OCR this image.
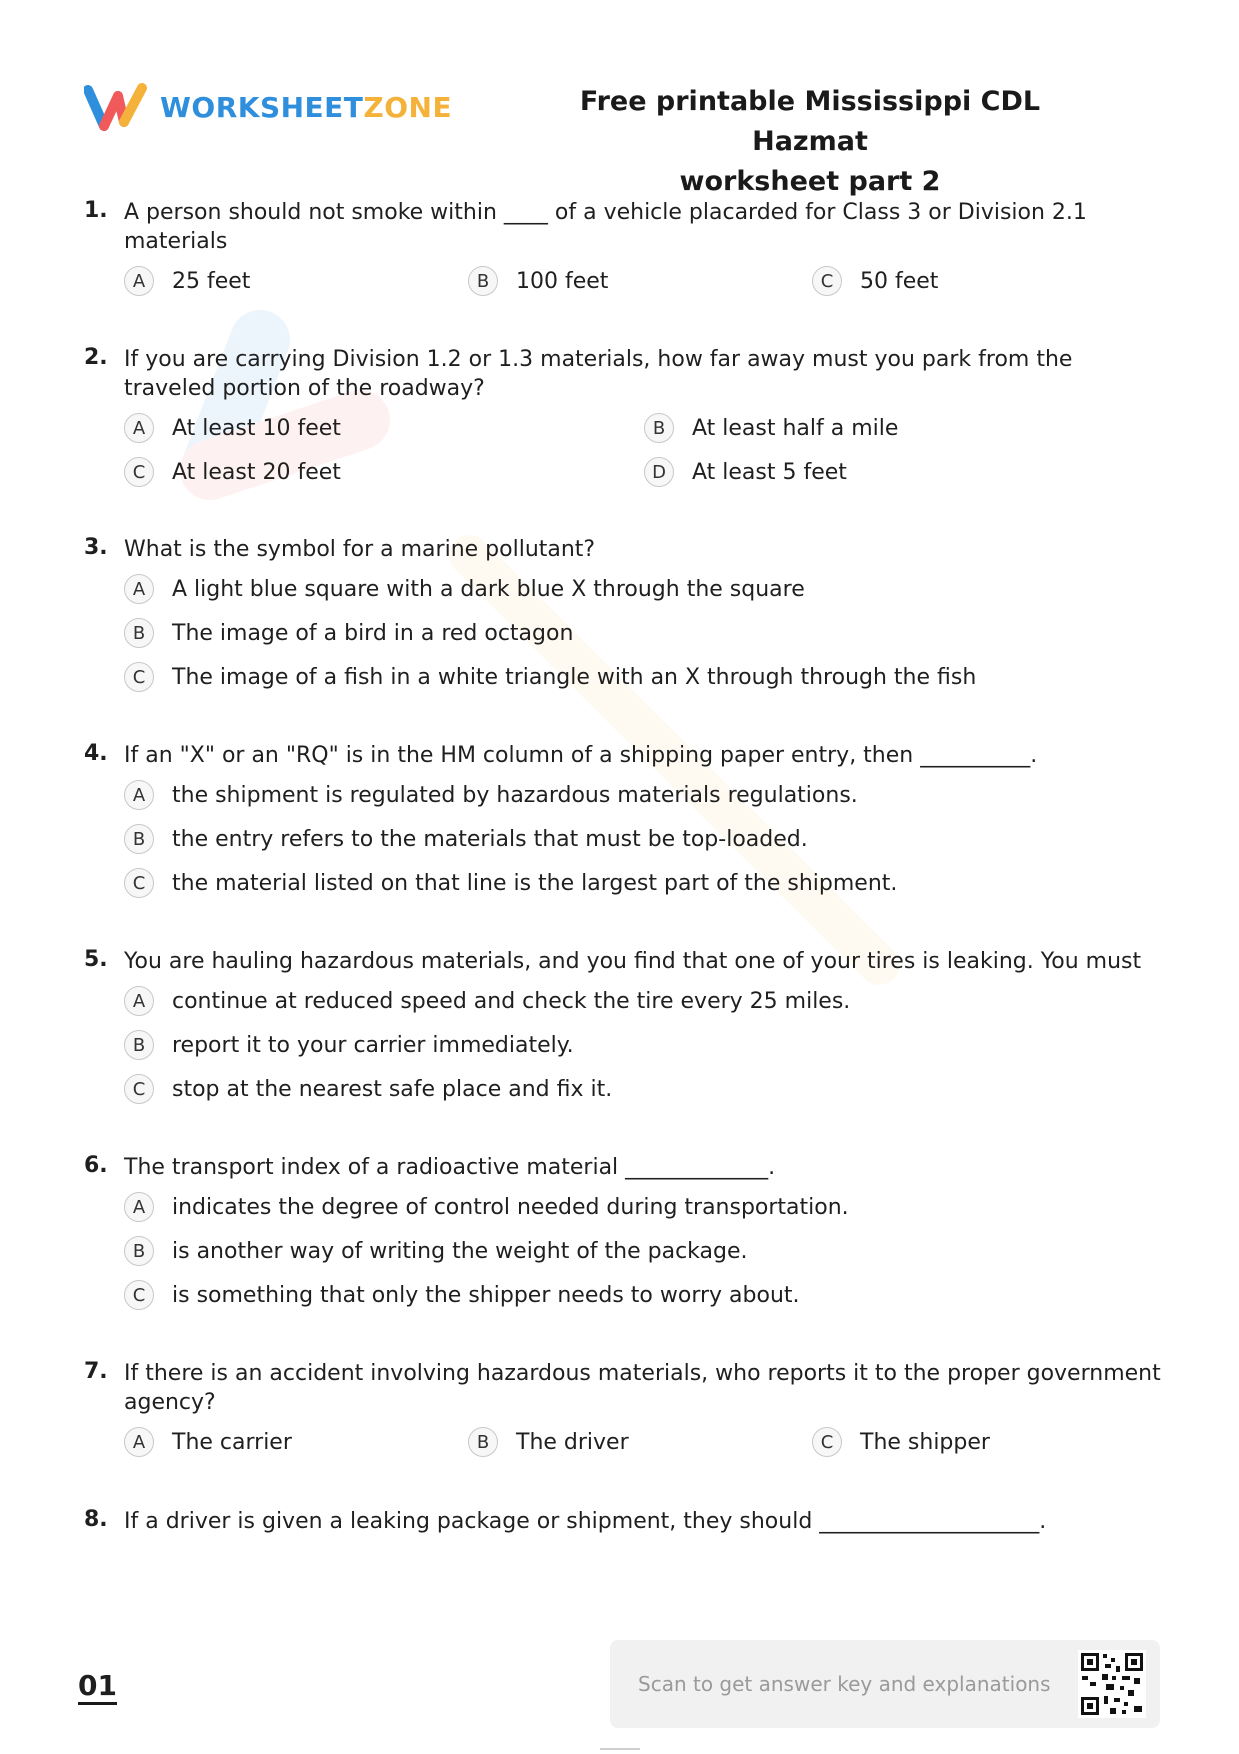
WORKSHEETZONE	Free printable Mississippi CDL Hazmat
worksheet part 2
1. A person should not smoke within ____ of a vehicle placarded for Class 3 or Division 2.1 materials
A	25 feet	B	100 feet	C	50 feet
2. If you are carrying Division 1.2 or 1.3 materials, how far away must you park from the traveled portion of the roadway?
A	At least 10 feet	B	At least half a mile
C	At least 20 feet	D	At least 5 feet
3. What is the symbol for a marine pollutant?
A	A light blue square with a dark blue X through the square
B	The image of a bird in a red octagon
C	The image of a fish in a white triangle with an X through through the fish
4. If an "X" or an "RQ" is in the HM column of a shipping paper entry, then __________.
A	the shipment is regulated by hazardous materials regulations.
B	the entry refers to the materials that must be top-loaded.
C	the material listed on that line is the largest part of the shipment.
5. You are hauling hazardous materials, and you find that one of your tires is leaking. You must
A	continue at reduced speed and check the tire every 25 miles.
B	report it to your carrier immediately.
C	stop at the nearest safe place and fix it.
6. The transport index of a radioactive material _____________.
A	indicates the degree of control needed during transportation.
B	is another way of writing the weight of the package.
C	is something that only the shipper needs to worry about.
7. If there is an accident involving hazardous materials, who reports it to the proper government agency?
A	The carrier	B	The driver	C	The shipper
8. If a driver is given a leaking package or shipment, they should ____________________.
01	Scan to get answer key and explanations
